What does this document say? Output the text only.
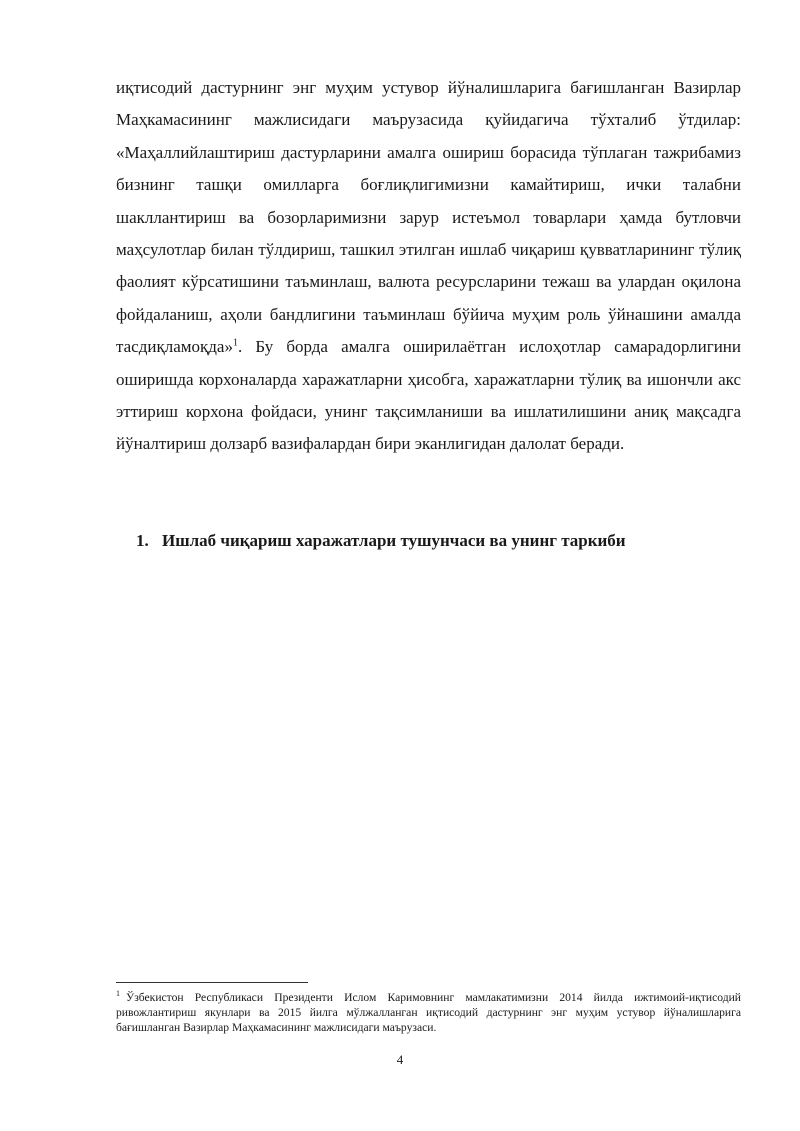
иқтисодий дастурнинг энг муҳим устувор йўналишларига бағишланган Вазирлар Маҳкамасининг мажлисидаги маърузасида қуйидагича тўхталиб ўтдилар: «Маҳаллийлаштириш дастурларини амалга ошириш борасида тўплаган тажрибамиз бизнинг ташқи омилларга боғлиқлигимизни камайтириш, ички талабни шакллантириш ва бозорларимизни зарур истеъмол товарлари ҳамда бутловчи маҳсулотлар билан тўлдириш, ташкил этилган ишлаб чиқариш қувватларининг тўлиқ фаолият кўрсатишини таъминлаш, валюта ресурсларини тежаш ва улардан оқилона фойдаланиш, аҳоли бандлигини таъминлаш бўйича муҳим роль ўйнашини амалда тасдиқламоқда»$^1$. Бу борда амалга оширилаётган ислоҳотлар самарадорлигини оширишда корхоналарда харажатларни ҳисобга, харажатларни тўлиқ ва ишончли акс эттириш корхона фойдаси, унинг тақсимланиши ва ишлатилишини аниқ мақсадга йўналтириш долзарб вазифалардан бири эканлигидан далолат беради.

1. Ишлаб чиқариш харажатлари тушунчаси ва унинг таркиби

$^1$ Ўзбекистон Республикаси Президенти Ислом Каримовнинг мамлакатимизни 2014 йилда ижтимоий-иқтисодий ривожлантириш якунлари ва 2015 йилга мўлжалланган иқтисодий дастурнинг энг муҳим устувор йўналишларига бағишланган Вазирлар Маҳкамасининг мажлисидаги маърузаси.

4
